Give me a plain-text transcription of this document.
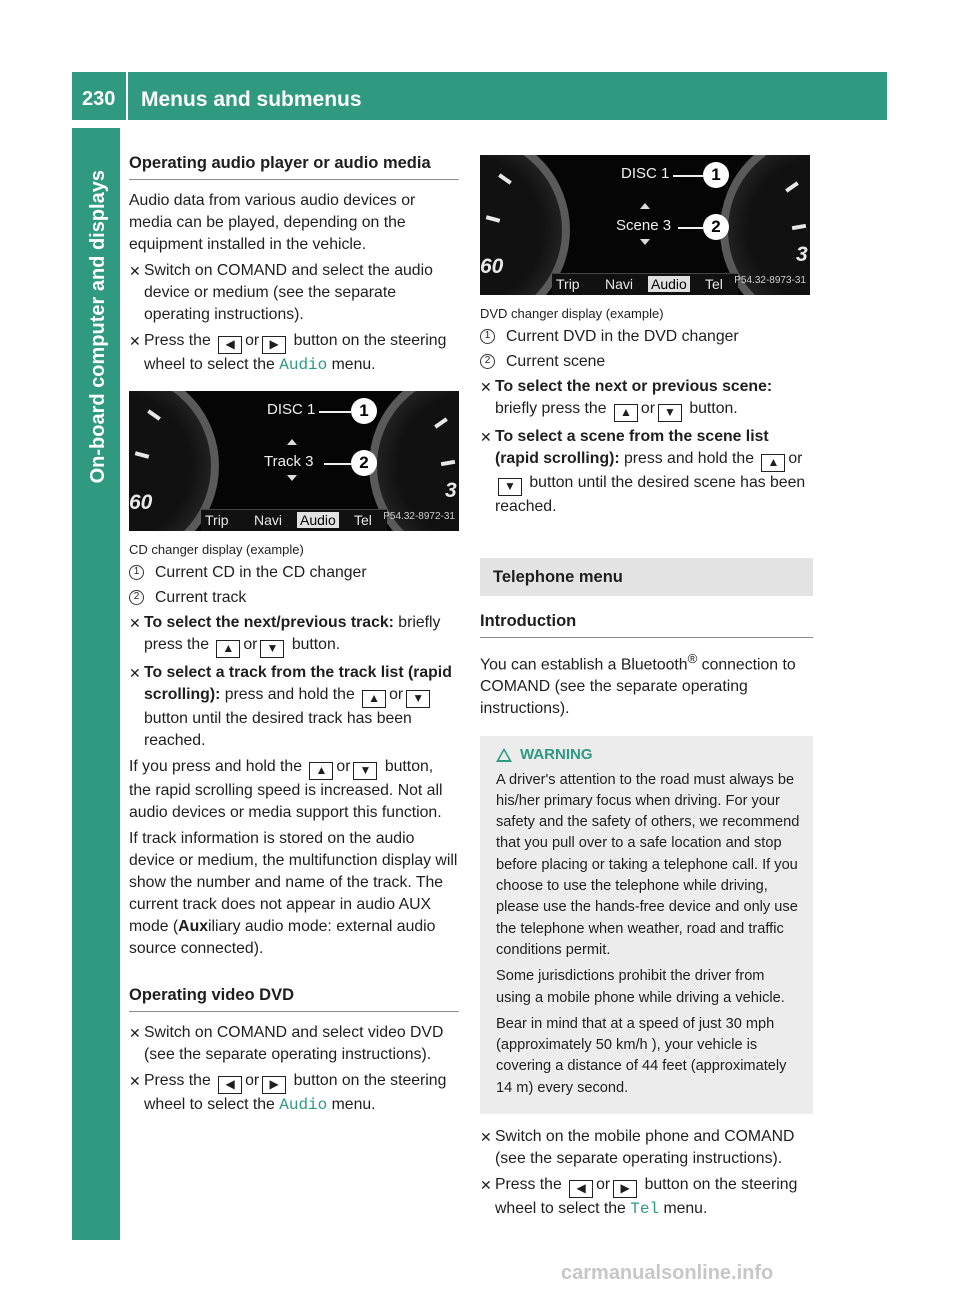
230 Menus and submenus
On-board computer and displays
Operating audio player or audio media

Audio data from various audio devices or media can be played, depending on the equipment installed in the vehicle.

✕ Switch on COMAND and select the audio device or medium (see the separate operating instructions).
✕ Press the ◀ or ▶ button on the steering wheel to select the Audio menu.
60
3
DISC 1	1
Track 3	2
Trip Navi Audio Tel P54.32-8972-31

CD changer display (example)

1 Current CD in the CD changer
2 Current track
✕ To select the next/previous track: briefly press the ▲ or ▼ button.
✕ To select a track from the track list (rapid scrolling): press and hold the ▲ or ▼ button until the desired track has been reached.

If you press and hold the ▲ or ▼ button, the rapid scrolling speed is increased. Not all audio devices or media support this function.

If track information is stored on the audio device or medium, the multifunction display will show the number and name of the track. The current track does not appear in audio AUX mode (Auxiliary audio mode: external audio source connected).

Operating video DVD
✕ Switch on COMAND and select video DVD (see the separate operating instructions).
✕ Press the ◀ or ▶ button on the steering wheel to select the Audio menu.
60
3
DISC 1	1
Scene 3	2
Trip Navi Audio Tel P54.32-8973-31

DVD changer display (example)

1 Current DVD in the DVD changer
2 Current scene
✕ To select the next or previous scene: briefly press the ▲ or ▼ button.
✕ To select a scene from the scene list (rapid scrolling): press and hold the ▲ or▼ button until the desired scene has been reached.
Telephone menu
Introduction

You can establish a Bluetooth® connection to COMAND (see the separate operating instructions).

WARNING

A driver's attention to the road must always be his/her primary focus when driving. For your safety and the safety of others, we recommend that you pull over to a safe location and stop before placing or taking a telephone call. If you choose to use the telephone while driving, please use the hands-free device and only use the telephone when weather, road and traffic conditions permit.

Some jurisdictions prohibit the driver from using a mobile phone while driving a vehicle.

Bear in mind that at a speed of just 30 mph (approximately 50 km/h ), your vehicle is covering a distance of 44 feet (approximately 14 m) every second.

✕ Switch on the mobile phone and COMAND (see the separate operating instructions).
✕ Press the ◀ or ▶ button on the steering wheel to select the Tel menu.
carmanualsonline.info
